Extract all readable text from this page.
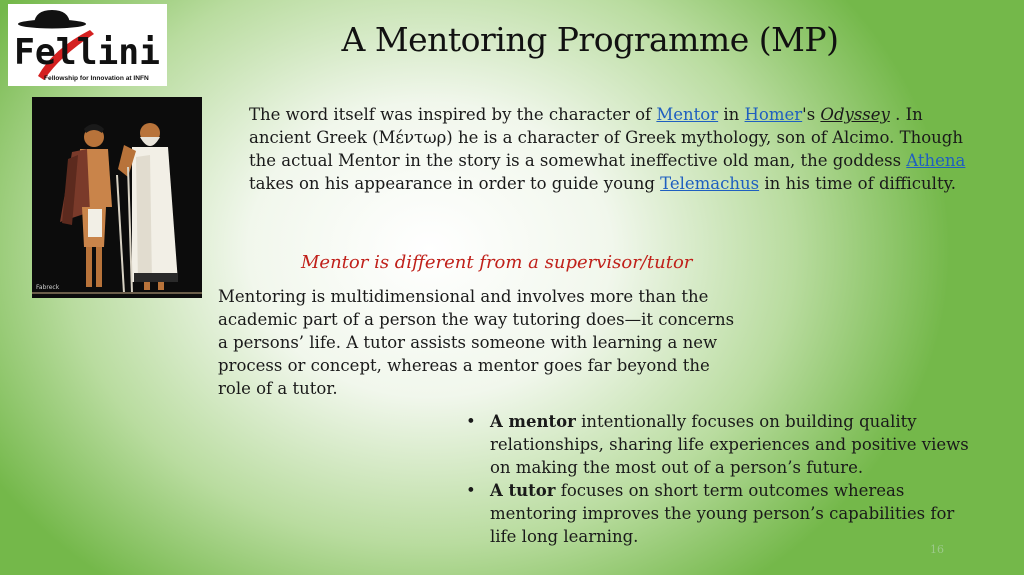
Fellini
Fellowship for Innovation at INFN
A Mentoring Programme (MP)
Fabreck
The word itself was inspired by the character of Mentor in Homer's Odyssey . In ancient Greek (Μέντωρ) he is a character of Greek mythology, son of Alcimo. Though the actual Mentor in the story is a somewhat ineffective old man, the goddess Athena takes on his appearance in order to guide young Telemachus in his time of difficulty.
Mentor is different from a supervisor/tutor
Mentoring is multidimensional and involves more than the academic part of a person the way tutoring does—it concerns a persons’ life. A tutor assists someone with learning a new process or concept, whereas a mentor goes far beyond the role of a tutor.
• A mentor intentionally focuses on building quality relationships, sharing life experiences and positive views on making the most out of a person’s future.
• A tutor focuses on short term outcomes whereas mentoring improves the young person’s capabilities for life long learning.
16
